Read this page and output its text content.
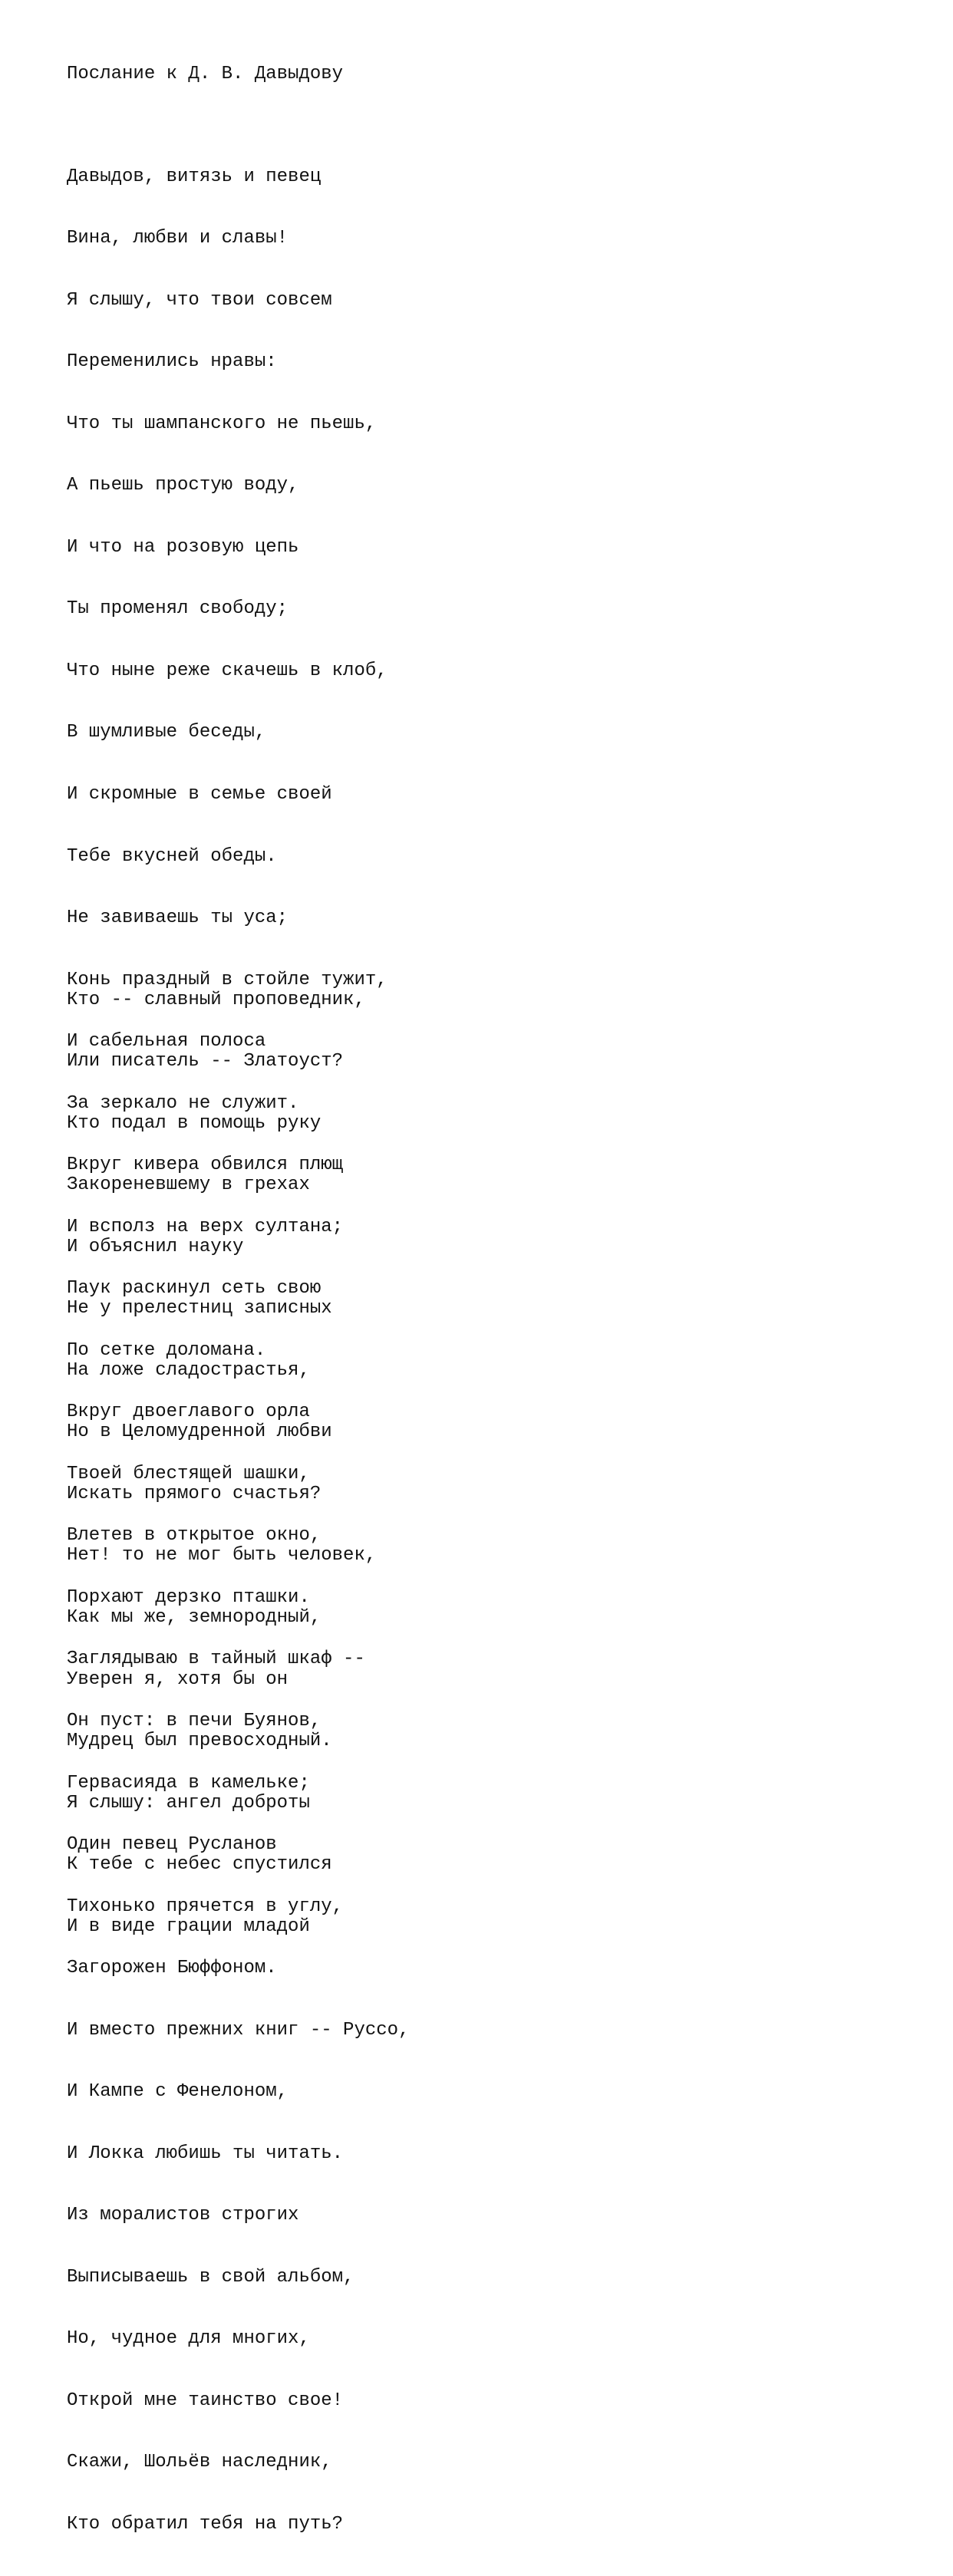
Послание к Д. В. Давыдову

Давыдов, витязь и певец

Вина, любви и славы!

Я слышу, что твои совсем

Переменились нравы:

Что ты шампанского не пьешь,

А пьешь простую воду,

И что на розовую цепь

Ты променял свободу;

Что ныне реже скачешь в клоб,

В шумливые беседы,

И скромные в семье своей

Тебе вкусней обеды.

Не завиваешь ты уса;

Конь праздный в стойле тужит,

И сабельная полоса

За зеркало не служит.

Вкруг кивера обвился плющ

И всполз на верх султана;

Паук раскинул сеть свою

По сетке доломана.

Вкруг двоеглавого орла

Твоей блестящей шашки,

Влетев в открытое окно,

Порхают дерзко пташки.

Заглядываю в тайный шкаф --

Он пуст: в печи Буянов,

Гервасияда в камельке;

Один певец Русланов

Тихонько прячется в углу,

Загорожен Бюффоном.

И вместо прежних книг -- Руссо,

И Кампе с Фенелоном,

И Локка любишь ты читать.

Из моралистов строгих

Выписываешь в свой альбом,

Но, чудное для многих,

Открой мне таинство свое!

Скажи, Шольёв наследник,

Кто обратил тебя на путь?

Кто -- славный проповедник,

Или писатель -- Златоуст?

Кто подал в помощь руку

Закоренeвшему в грехах

И объяснил науку

Не у прелестниц записных

На ложе сладострастья,

Но в Целомудренной любви

Искать прямого счастья?

Нет! то не мог быть человек,

Как мы же, земнородный,

Уверен я, хотя бы он

Мудрец был превосходный.

Я слышу: ангел доброты

К тебе с небес спустился

И в виде грации младой
